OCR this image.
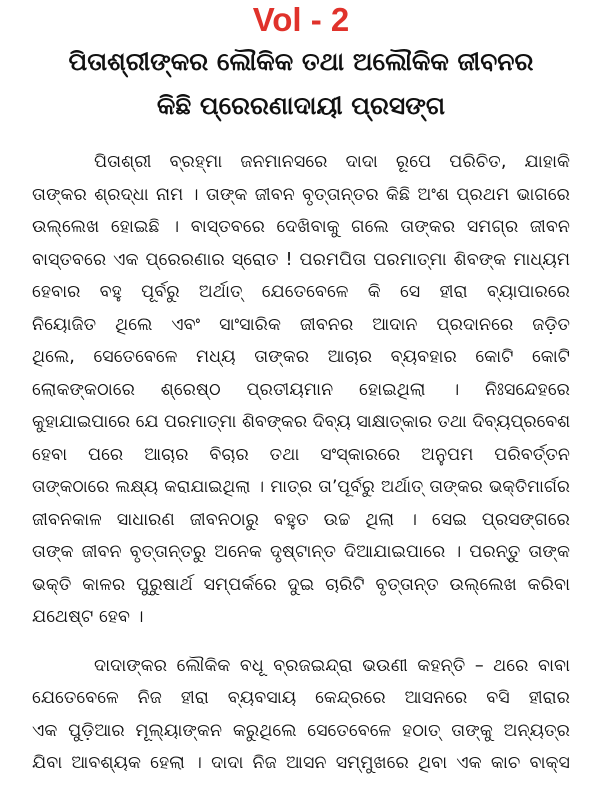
Vol - 2
ପିତାଶ୍ରୀଙ୍କର ଲୌକିକ ତଥା ଅଲୌକିକ ଜୀବନର
କିଛି ପ୍ରେରଣାଦାୟୀ ପ୍ରସଙ୍ଗ

ପିତାଶ୍ରୀ ବ୍ରହ୍ମା ଜନମାନସରେ ଦାଦା ରୂପେ ପରିଚିତ, ଯାହାକି
ତାଙ୍କର ଶ୍ରଦ୍ଧା ନାମ । ତାଙ୍କ ଜୀବନ ବୃତ୍ତାନ୍ତର କିଛି ଅଂଶ ପ୍ରଥମ ଭାଗରେ
ଉଲ୍ଲେଖ ହୋଇଛି । ବାସ୍ତବରେ ଦେଖିବାକୁ ଗଲେ ତାଙ୍କର ସମଗ୍ର ଜୀବନ
ବାସ୍ତବରେ ଏକ ପ୍ରେରଣାର ସ୍ରୋତ ! ପରମପିତା ପରମାତ୍ମା ଶିବଙ୍କ ମାଧ୍ୟମ
ହେବାର ବହୁ ପୂର୍ବରୁ ଅର୍ଥାତ୍ ଯେତେବେଳେ କି ସେ ହୀରା ବ୍ୟାପାରରେ
ନିୟୋଜିତ ଥିଲେ ଏବଂ ସାଂସାରିକ ଜୀବନର ଆଦାନ ପ୍ରଦାନରେ ଜଡ଼ିତ
ଥିଲେ, ସେତେବେଳେ ମଧ୍ୟ ତାଙ୍କର ଆଚାର ବ୍ୟବହାର କୋଟି କୋଟି
ଲୋକଙ୍କଠାରେ ଶ୍ରେଷ୍ଠ ପ୍ରତୀୟମାନ ହୋଇଥିଲା । ନିଃସନ୍ଦେହରେ
କୁହାଯାଇପାରେ ଯେ ପରମାତ୍ମା ଶିବଙ୍କର ଦିବ୍ୟ ସାକ୍ଷାତ୍କାର ତଥା ଦିବ୍ୟପ୍ରବେଶ
ହେବା ପରେ ଆଚାର ବିଚାର ତଥା ସଂସ୍କାରରେ ଅନୁପମ ପରିବର୍ତ୍ତନ
ତାଙ୍କଠାରେ ଲକ୍ଷ୍ୟ କରାଯାଇଥିଲା । ମାତ୍ର ତା’ପୂର୍ବରୁ ଅର୍ଥାତ୍ ତାଙ୍କର ଭକ୍ତିମାର୍ଗର
ଜୀବନକାଳ ସାଧାରଣ ଜୀବନଠାରୁ ବହୁତ ଉଚ୍ଚ ଥିଲା । ସେଇ ପ୍ରସଙ୍ଗରେ
ତାଙ୍କ ଜୀବନ ବୃତ୍ତାନ୍ତରୁ ଅନେକ ଦୃଷ୍ଟାନ୍ତ ଦିଆଯାଇପାରେ । ପରନ୍ତୁ ତାଙ୍କ
ଭକ୍ତି କାଳର ପୁରୁଷାର୍ଥ ସମ୍ପର୍କରେ ଦୁଇ ଚାରିଟି ବୃତ୍ତାନ୍ତ ଉଲ୍ଲେଖ କରିବା
ଯଥେଷ୍ଟ ହେବ ।

ଦାଦାଙ୍କର ଲୌକିକ ବଧୂ ବ୍ରଜଇନ୍ଦ୍ରା ଭଉଣୀ କହନ୍ତି – ଥରେ ବାବା
ଯେତେବେଳେ ନିଜ ହୀରା ବ୍ୟବସାୟ କେନ୍ଦ୍ରରେ ଆସନରେ ବସି ହୀରାର
ଏକ ପୁଡ଼ିଆର ମୂଲ୍ୟାଙ୍କନ କରୁଥିଲେ ସେତେବେଳେ ହଠାତ୍ ତାଙ୍କୁ ଅନ୍ୟତ୍ର
ଯିବା ଆବଶ୍ୟକ ହେଲା । ଦାଦା ନିଜ ଆସନ ସମ୍ମୁଖରେ ଥିବା ଏକ କାଚ ବାକ୍ସ
